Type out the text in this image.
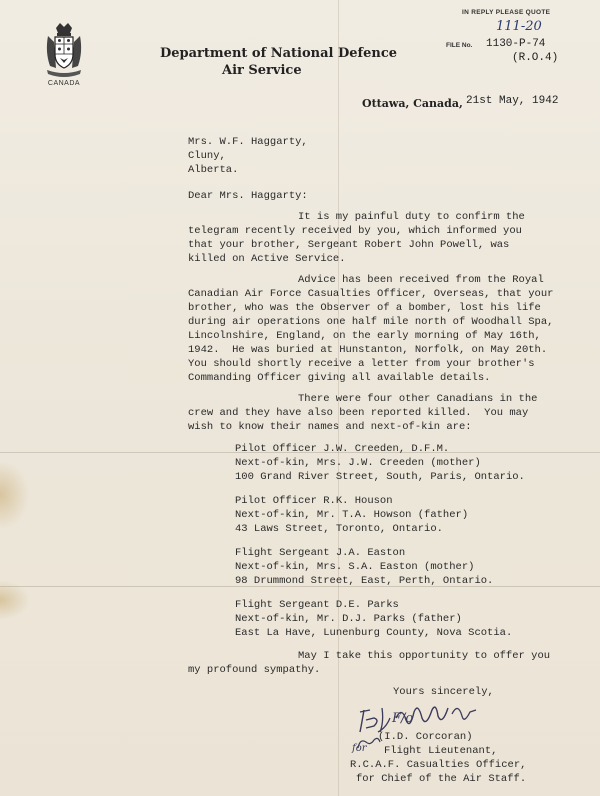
CANADA
Department of National Defence
Air Service
IN REPLY PLEASE QUOTE
111-20
FILE No. 1130-P-74
(R.O.4)
Ottawa, Canada, 21st May, 1942
Mrs. W.F. Haggarty,
Cluny,
Alberta.
Dear Mrs. Haggarty:
It is my painful duty to confirm the
telegram recently received by you, which informed you
that your brother, Sergeant Robert John Powell, was
killed on Active Service.
Advice has been received from the Royal
Canadian Air Force Casualties Officer, Overseas, that your
brother, who was the Observer of a bomber, lost his life
during air operations one half mile north of Woodhall Spa,
Lincolnshire, England, on the early morning of May 16th,
1942.  He was buried at Hunstanton, Norfolk, on May 20th.
You should shortly receive a letter from your brother's
Commanding Officer giving all available details.
There were four other Canadians in the
crew and they have also been reported killed.  You may
wish to know their names and next-of-kin are:
Pilot Officer J.W. Creeden, D.F.M.
Next-of-kin, Mrs. J.W. Creeden (mother)
100 Grand River Street, South, Paris, Ontario.
Pilot Officer R.K. Houson
Next-of-kin, Mr. T.A. Howson (father)
43 Laws Street, Toronto, Ontario.
Flight Sergeant J.A. Easton
Next-of-kin, Mrs. S.A. Easton (mother)
98 Drummond Street, East, Perth, Ontario.
Flight Sergeant D.E. Parks
Next-of-kin, Mr. D.J. Parks (father)
East La Have, Lunenburg County, Nova Scotia.
May I take this opportunity to offer you
my profound sympathy.
Yours sincerely,
F/o
for
(I.D. Corcoran)
Flight Lieutenant,
R.C.A.F. Casualties Officer,
for Chief of the Air Staff.
